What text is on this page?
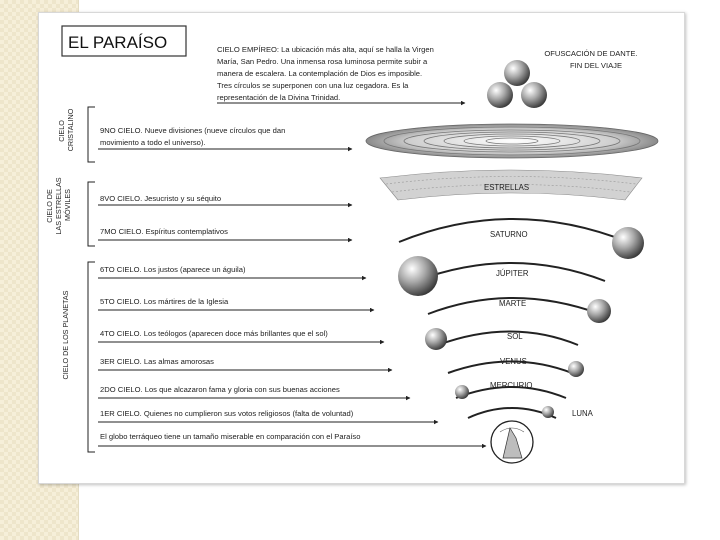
EL PARAÍSO
CIELO CRISTALINO
CIELO DE LAS ESTRELLAS MÓVILES
CIELO DE LOS PLANETAS
CIELO EMPÍREO: La ubicación más alta, aquí se halla la Virgen María, San Pedro. Una inmensa rosa luminosa permite subir a manera de escalera. La contemplación de Dios es imposible. Tres círculos se superponen con una luz cegadora. Es la representación de la Divina Trinidad.
OFUSCACIÓN DE DANTE. FIN DEL VIAJE
ESTRELLAS
SATURNO
JÚPITER
MARTE
SOL
VENUS
MERCURIO
LUNA
9NO CIELO. Nueve divisiones (nueve círculos que dan movimiento a todo el universo).
8VO CIELO. Jesucristo y su séquito
7MO CIELO. Espíritus contemplativos
6TO CIELO. Los justos (aparece un águila)
5TO CIELO. Los mártires de la Iglesia
4TO CIELO. Los teólogos (aparecen doce más brillantes que el sol)
3ER CIELO. Las almas amorosas
2DO CIELO. Los que alcazaron fama y gloria con sus buenas acciones
1ER CIELO. Quienes no cumplieron sus votos religiosos (falta de voluntad)
El globo terráqueo tiene un tamaño miserable en comparación con el Paraíso
